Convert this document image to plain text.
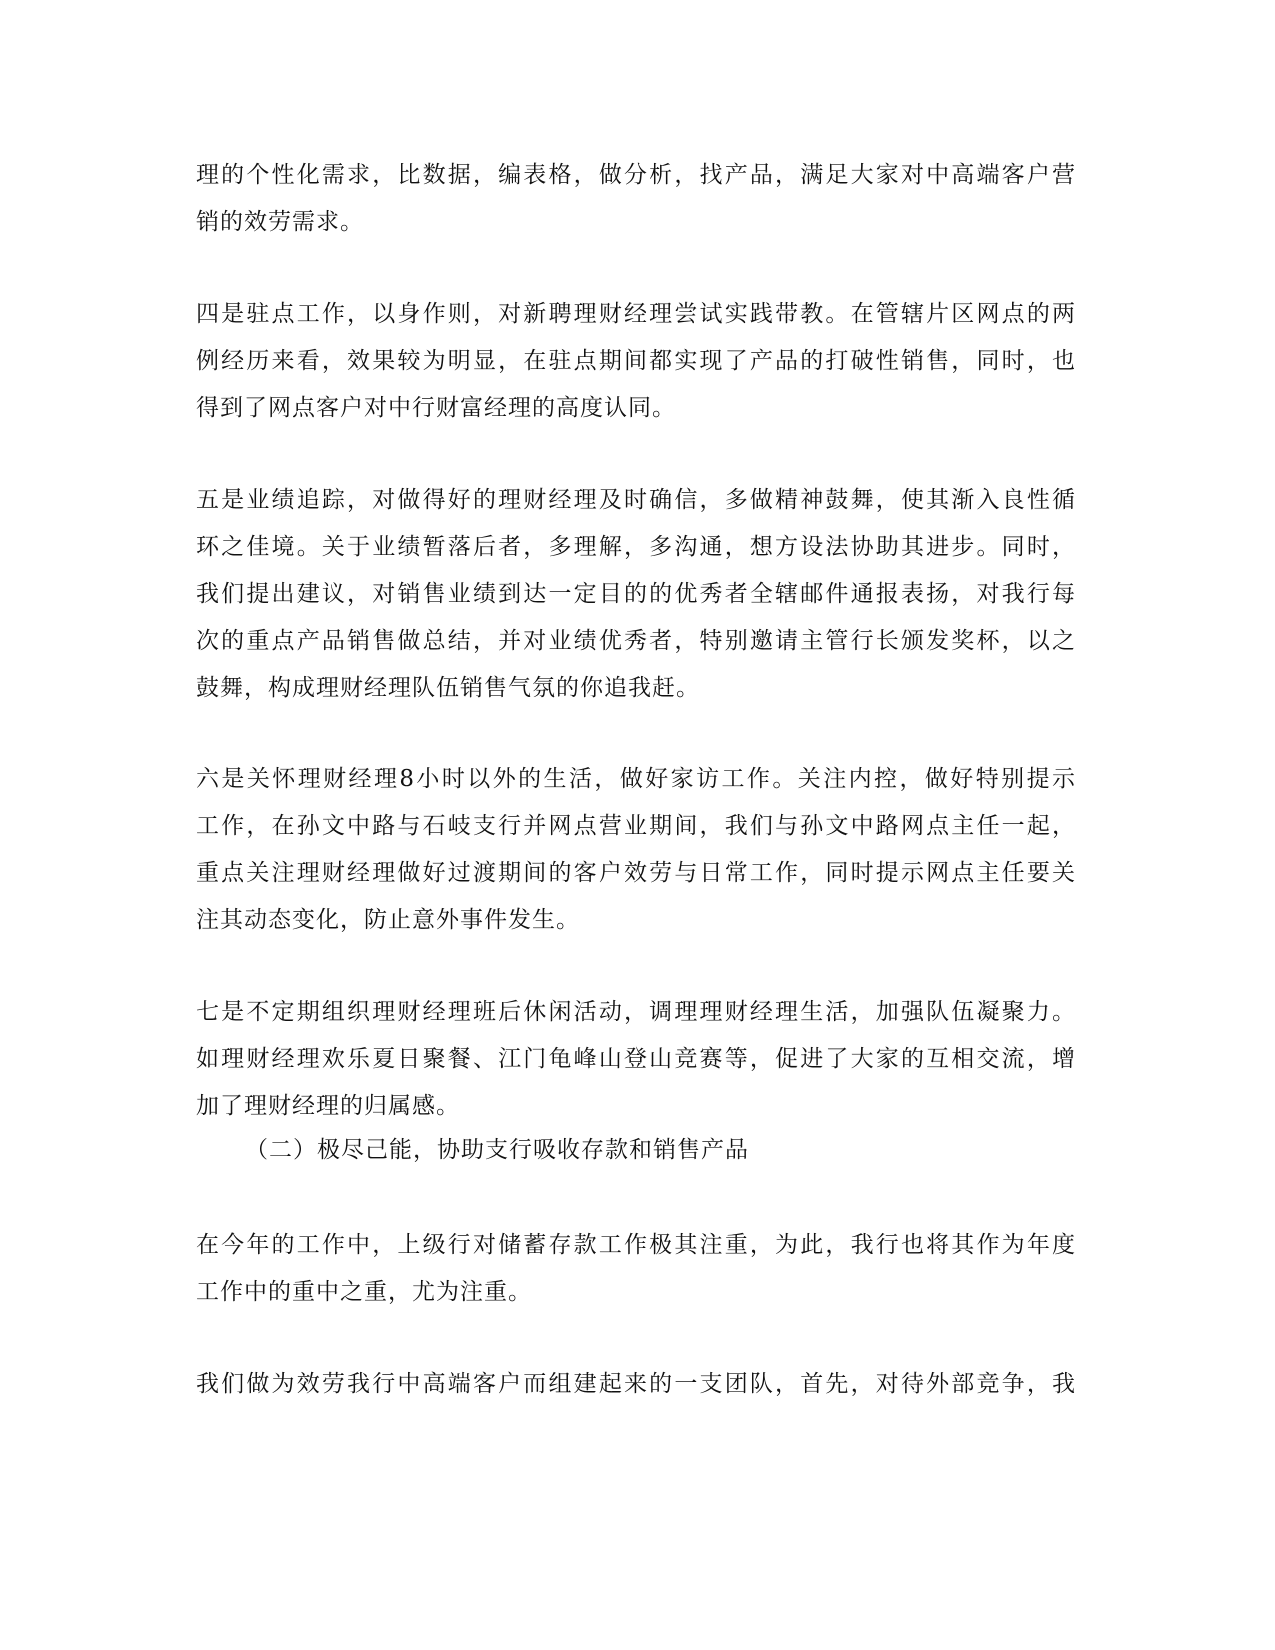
理的个性化需求，比数据，编表格，做分析，找产品，满足大家对中高端客户营
销的效劳需求。
四是驻点工作，以身作则，对新聘理财经理尝试实践带教。在管辖片区网点的两
例经历来看，效果较为明显，在驻点期间都实现了产品的打破性销售，同时，也
得到了网点客户对中行财富经理的高度认同。
五是业绩追踪，对做得好的理财经理及时确信，多做精神鼓舞，使其渐入良性循
环之佳境。关于业绩暂落后者，多理解，多沟通，想方设法协助其进步。同时，
我们提出建议，对销售业绩到达一定目的的优秀者全辖邮件通报表扬，对我行每
次的重点产品销售做总结，并对业绩优秀者，特别邀请主管行长颁发奖杯，以之
鼓舞，构成理财经理队伍销售气氛的你追我赶。
六是关怀理财经理8小时以外的生活，做好家访工作。关注内控，做好特别提示
工作，在孙文中路与石岐支行并网点营业期间，我们与孙文中路网点主任一起，
重点关注理财经理做好过渡期间的客户效劳与日常工作，同时提示网点主任要关
注其动态变化，防止意外事件发生。
七是不定期组织理财经理班后休闲活动，调理理财经理生活，加强队伍凝聚力。
如理财经理欢乐夏日聚餐、江门龟峰山登山竞赛等，促进了大家的互相交流，增
加了理财经理的归属感。
（二）极尽己能，协助支行吸收存款和销售产品
在今年的工作中，上级行对储蓄存款工作极其注重，为此，我行也将其作为年度
工作中的重中之重，尤为注重。
我们做为效劳我行中高端客户而组建起来的一支团队，首先，对待外部竞争，我
